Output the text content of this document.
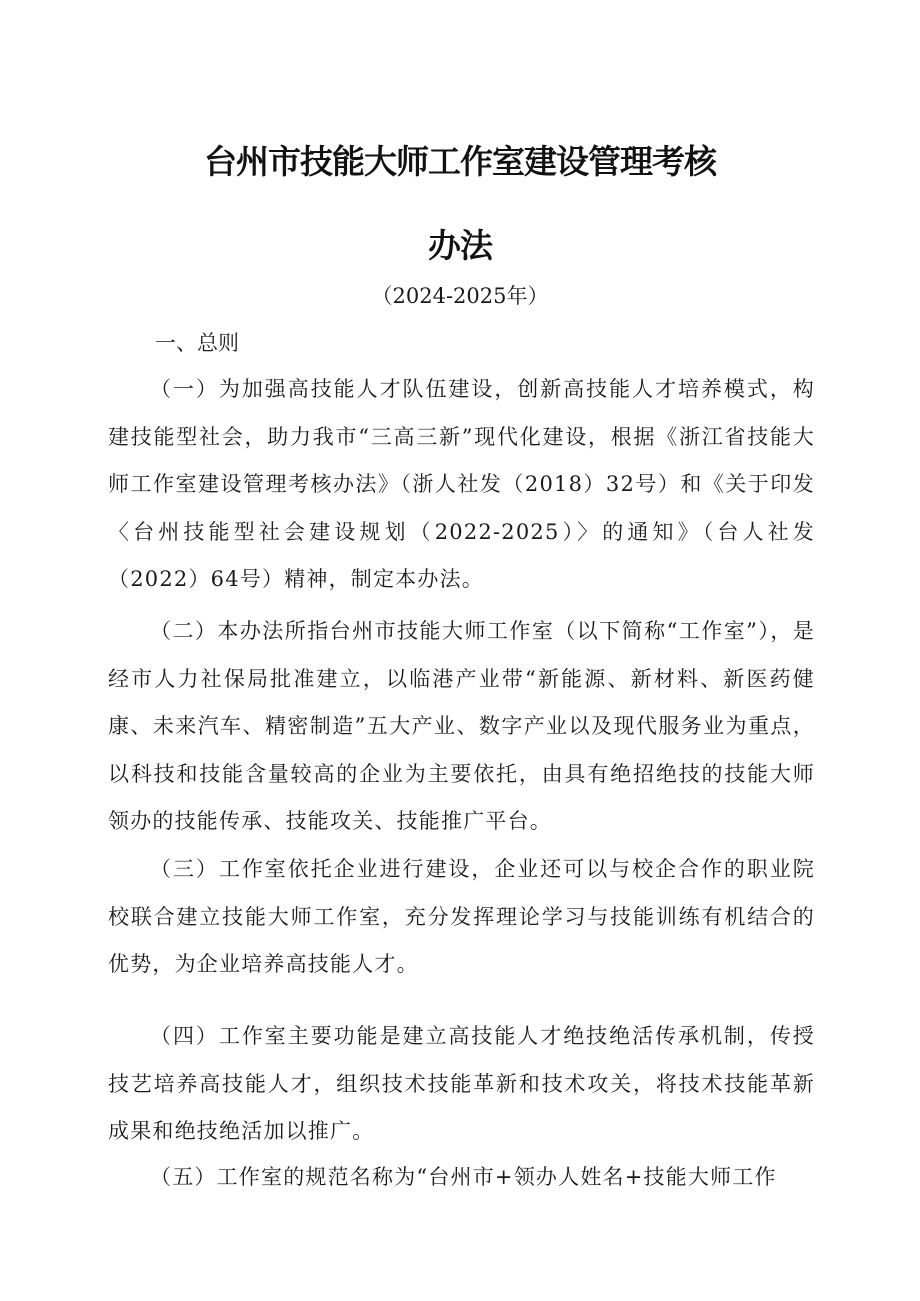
台州市技能大师工作室建设管理考核
办法
（2024-2025年）
一、总则
（一）为加强高技能人才队伍建设，创新高技能人才培养模式，构建技能型社会，助力我市“三高三新”现代化建设，根据《浙江省技能大师工作室建设管理考核办法》（浙人社发（2018）32号）和《关于印发〈台州技能型社会建设规划（2022-2025）〉的通知》（台人社发（2022）64号）精神，制定本办法。
（二）本办法所指台州市技能大师工作室（以下简称“工作室”），是经市人力社保局批准建立，以临港产业带“新能源、新材料、新医药健康、未来汽车、精密制造”五大产业、数字产业以及现代服务业为重点，以科技和技能含量较高的企业为主要依托，由具有绝招绝技的技能大师领办的技能传承、技能攻关、技能推广平台。
（三）工作室依托企业进行建设，企业还可以与校企合作的职业院校联合建立技能大师工作室，充分发挥理论学习与技能训练有机结合的优势，为企业培养高技能人才。
（四）工作室主要功能是建立高技能人才绝技绝活传承机制，传授技艺培养高技能人才，组织技术技能革新和技术攻关，将技术技能革新成果和绝技绝活加以推广。
（五）工作室的规范名称为“台州市+领办人姓名+技能大师工作
